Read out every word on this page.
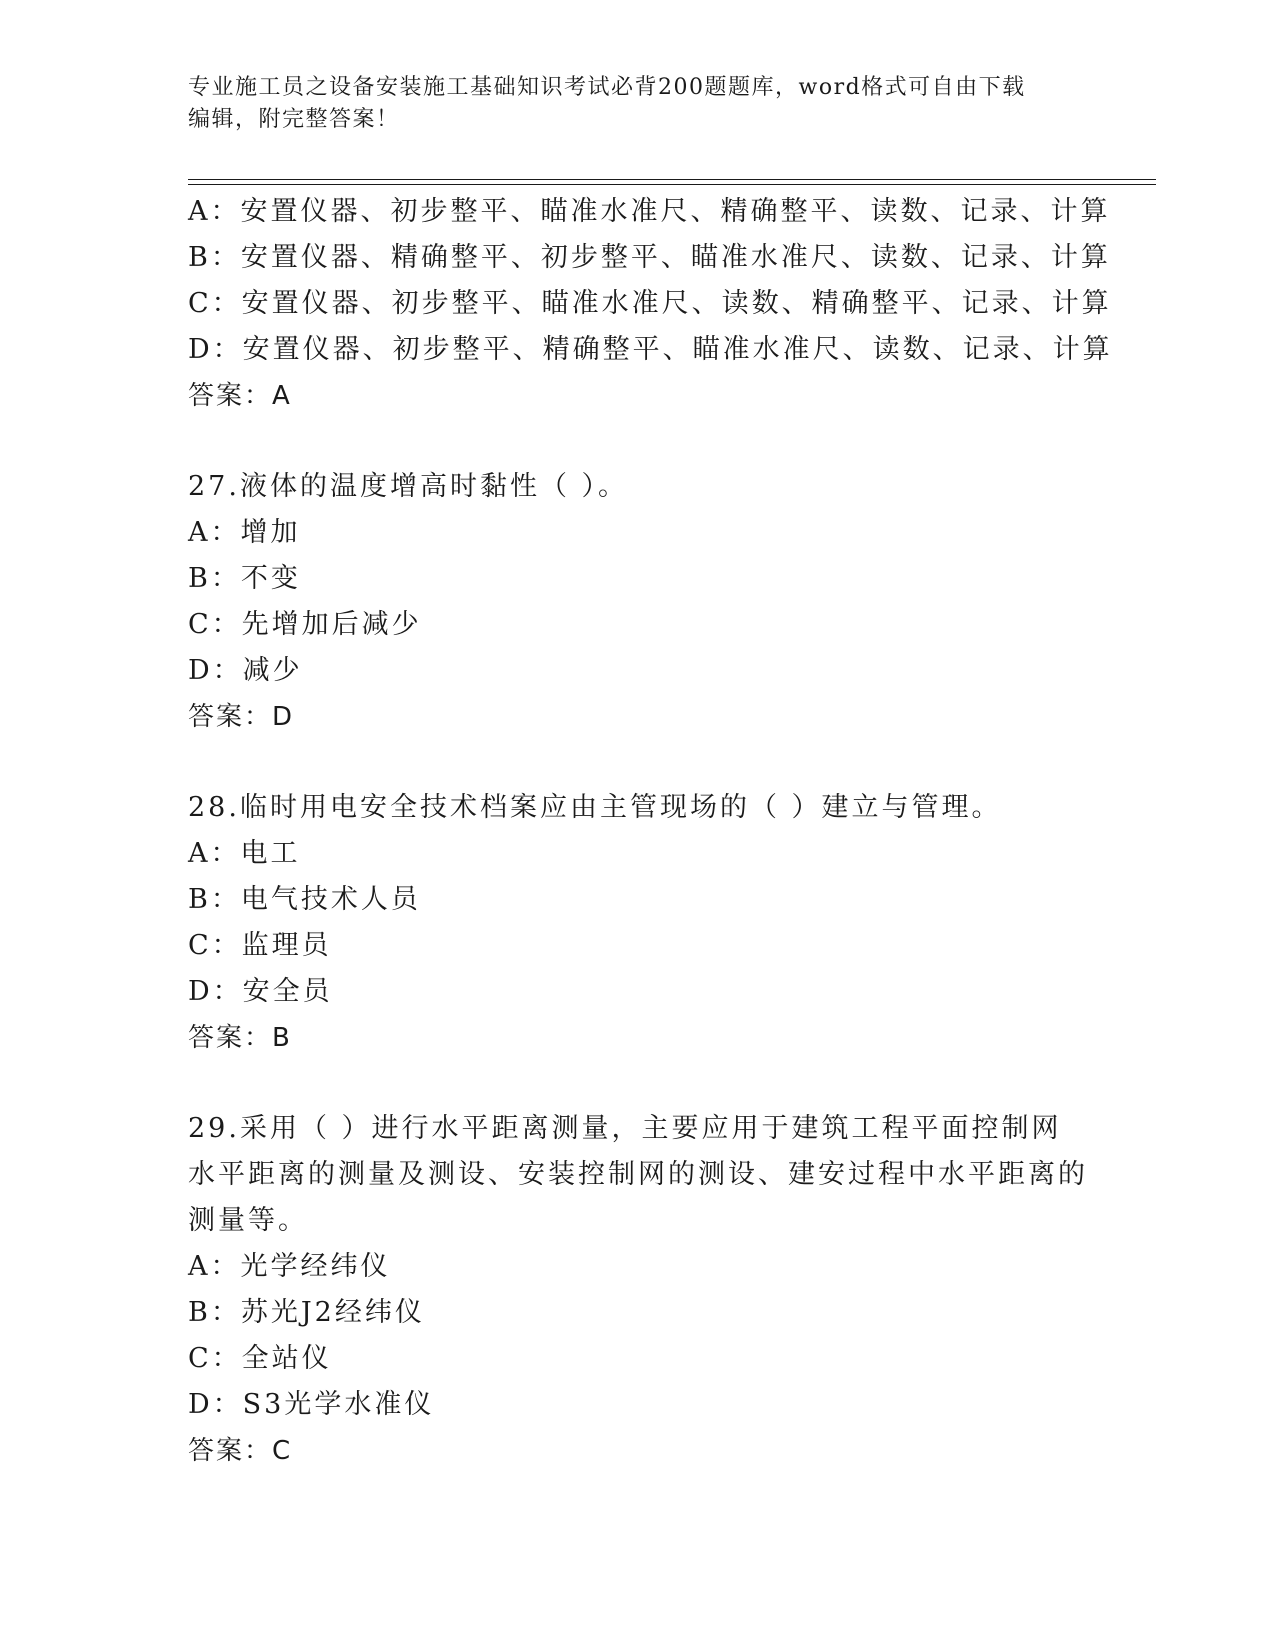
专业施工员之设备安装施工基础知识考试必背200题题库，word格式可自由下载
编辑，附完整答案！
A：安置仪器、初步整平、瞄准水准尺、精确整平、读数、记录、计算
B：安置仪器、精确整平、初步整平、瞄准水准尺、读数、记录、计算
C：安置仪器、初步整平、瞄准水准尺、读数、精确整平、记录、计算
D：安置仪器、初步整平、精确整平、瞄准水准尺、读数、记录、计算
答案：A
27.液体的温度增高时黏性（ ）。
A：增加
B：不变
C：先增加后减少
D：减少
答案：D
28.临时用电安全技术档案应由主管现场的（ ）建立与管理。
A：电工
B：电气技术人员
C：监理员
D：安全员
答案：B
29.采用（ ）进行水平距离测量，主要应用于建筑工程平面控制网水平距离的测量及测设、安装控制网的测设、建安过程中水平距离的测量等。
A：光学经纬仪
B：苏光J2经纬仪
C：全站仪
D：S3光学水准仪
答案：C
